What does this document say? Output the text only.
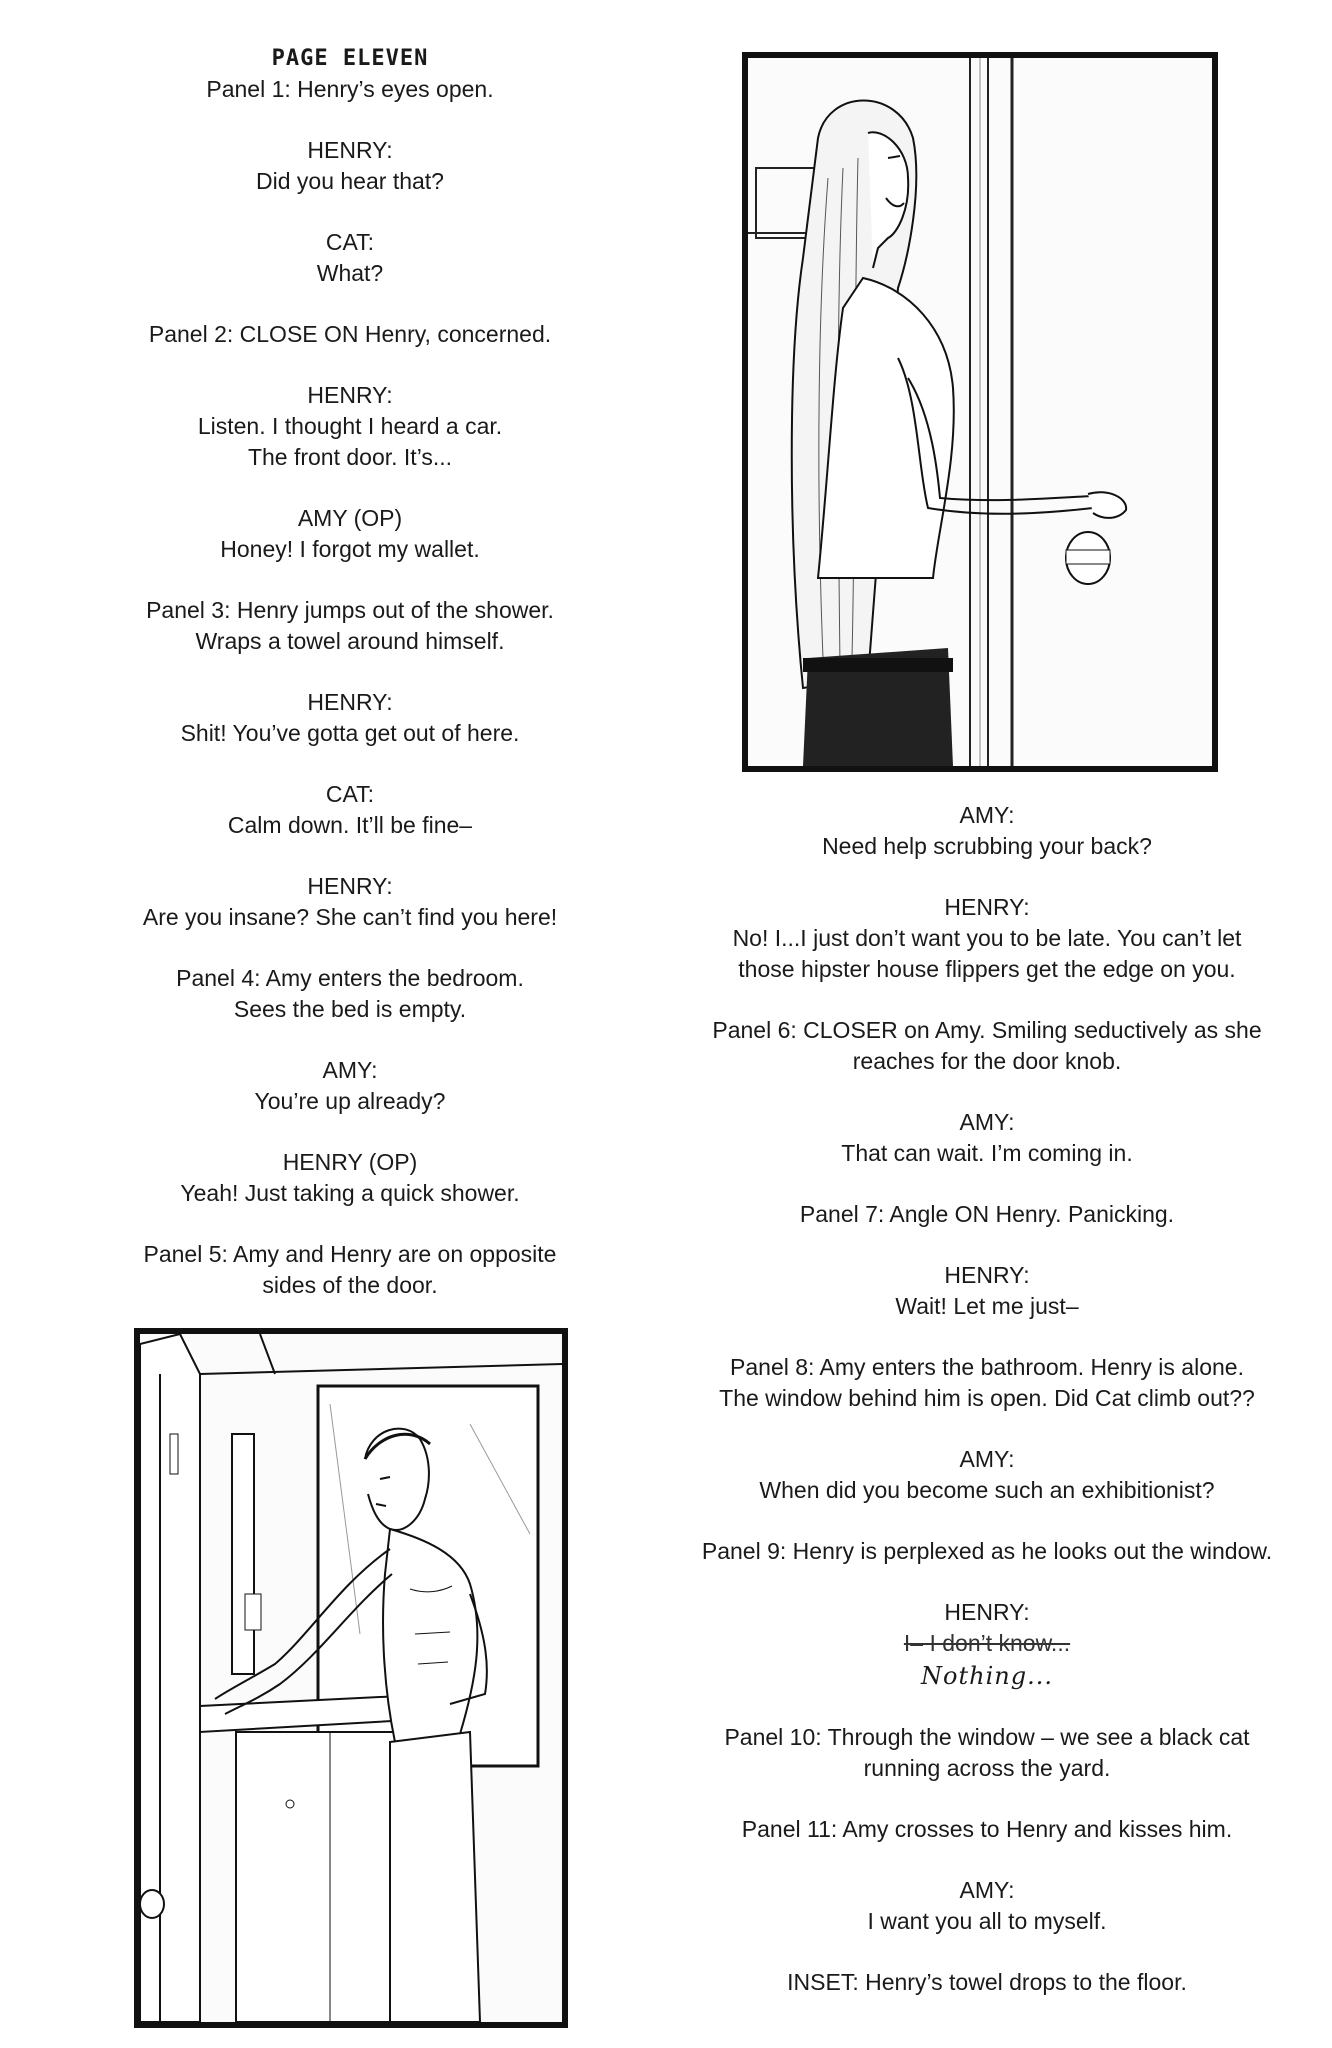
PAGE ELEVEN
Panel 1: Henry’s eyes open.
HENRY:
Did you hear that?
CAT:
What?
Panel 2: CLOSE ON Henry, concerned.
HENRY:
Listen. I thought I heard a car.
The front door. It’s...
AMY (OP)
Honey! I forgot my wallet.
Panel 3: Henry jumps out of the shower.
Wraps a towel around himself.
HENRY:
Shit! You’ve gotta get out of here.
CAT:
Calm down. It’ll be fine–
HENRY:
Are you insane? She can’t find you here!
Panel 4: Amy enters the bedroom.
Sees the bed is empty.
AMY:
You’re up already?
HENRY (OP)
Yeah! Just taking a quick shower.
Panel 5: Amy and Henry are on opposite
sides of the door.
AMY:
Need help scrubbing your back?
HENRY:
No! I...I just don’t want you to be late. You can’t let
those hipster house flippers get the edge on you.
Panel 6: CLOSER on Amy. Smiling seductively as she
reaches for the door knob.
AMY:
That can wait. I’m coming in.
Panel 7: Angle ON Henry. Panicking.
HENRY:
Wait! Let me just–
Panel 8: Amy enters the bathroom. Henry is alone.
The window behind him is open. Did Cat climb out??
AMY:
When did you become such an exhibitionist?
Panel 9: Henry is perplexed as he looks out the window.
HENRY:
I– I don’t know...
Nothing...
Panel 10: Through the window – we see a black cat
running across the yard.
Panel 11: Amy crosses to Henry and kisses him.
AMY:
I want you all to myself.
INSET: Henry’s towel drops to the floor.
